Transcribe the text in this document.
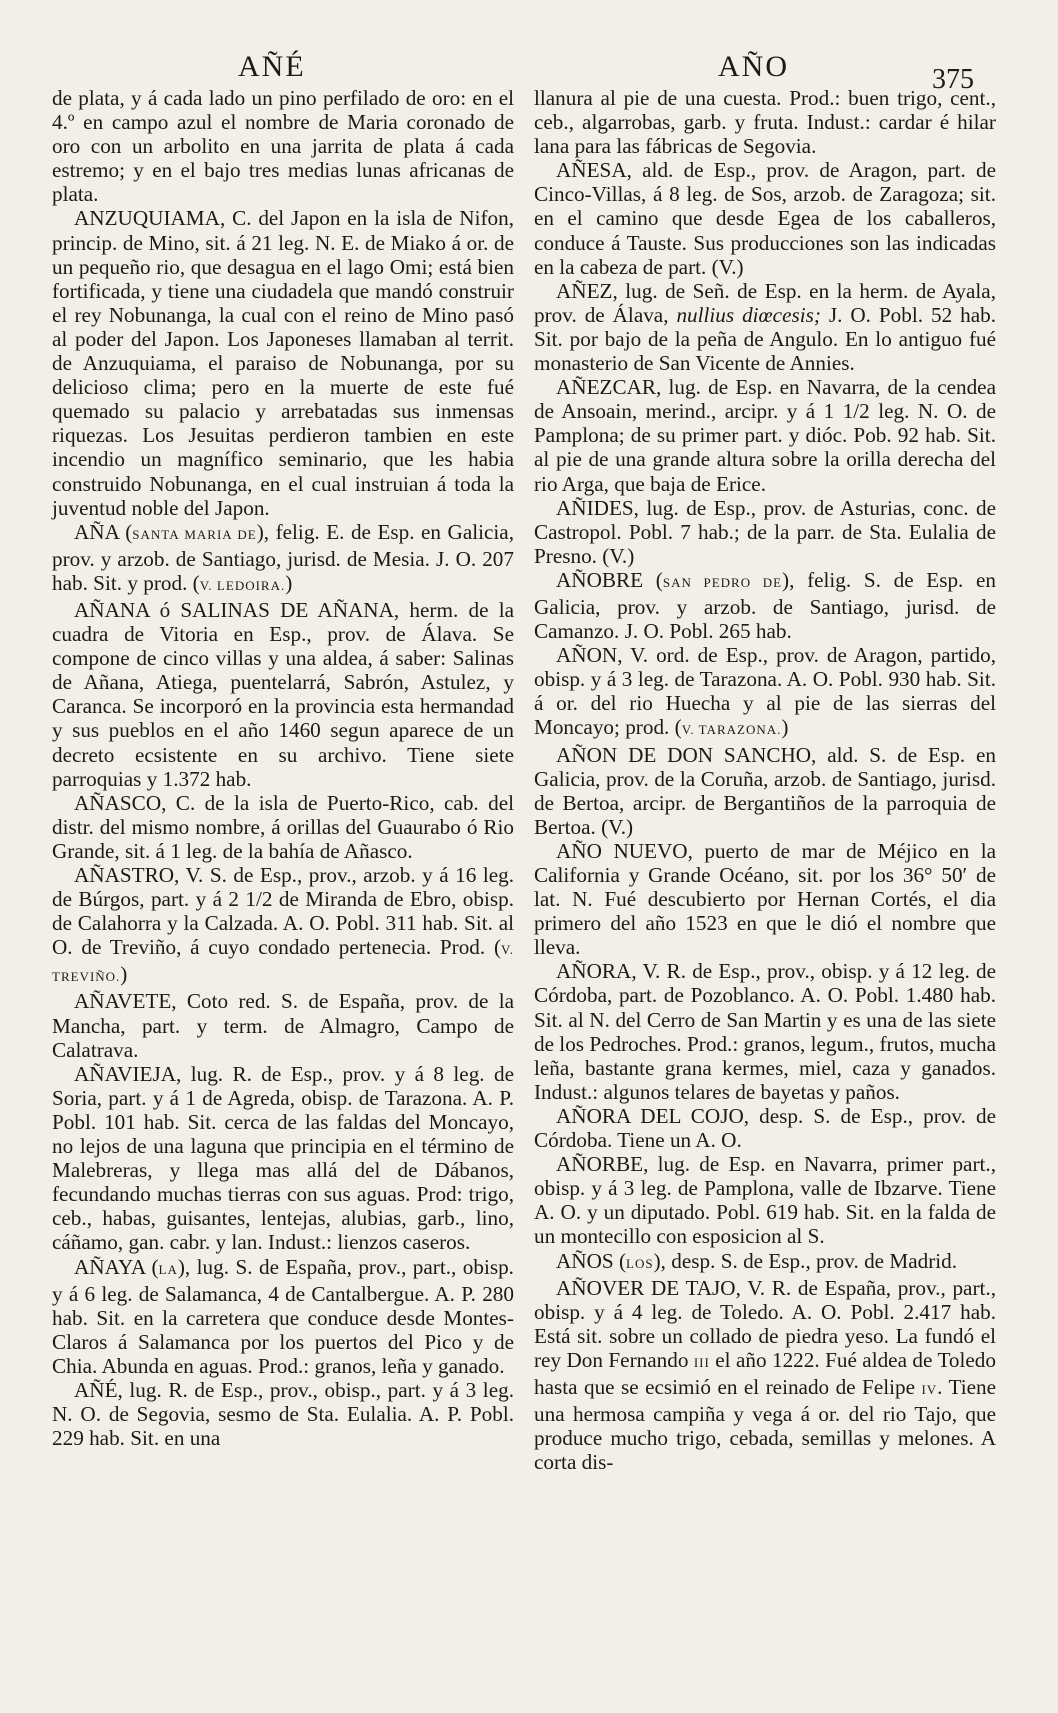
AÑÉ	AÑO	375

de plata, y á cada lado un pino perfilado de oro: en el 4.º en campo azul el nombre de Maria coronado de oro con un arbolito en una jarrita de plata á cada estremo; y en el bajo tres medias lunas africanas de plata.

ANZUQUIAMA, C. del Japon en la isla de Nifon, princip. de Mino, sit. á 21 leg. N. E. de Miako á or. de un pequeño rio, que desagua en el lago Omi; está bien fortificada, y tiene una ciudadela que mandó construir el rey Nobunanga, la cual con el reino de Mino pasó al poder del Japon. Los Japoneses llamaban al territ. de Anzuquiama, el paraiso de Nobunanga, por su delicioso clima; pero en la muerte de este fué quemado su palacio y arrebatadas sus inmensas riquezas. Los Jesuitas perdieron tambien en este incendio un magnífico seminario, que les habia construido Nobunanga, en el cual instruian á toda la juventud noble del Japon.

AÑA (SANTA MARIA DE), felig. E. de Esp. en Galicia, prov. y arzob. de Santiago, jurisd. de Mesia. J. O. 207 hab. Sit. y prod. (V. LEDOIRA.)

AÑANA ó SALINAS DE AÑANA, herm. de la cuadra de Vitoria en Esp., prov. de Álava. Se compone de cinco villas y una aldea, á saber: Salinas de Añana, Atiega, puentelarrá, Sabrón, Astulez, y Caranca. Se incorporó en la provincia esta hermandad y sus pueblos en el año 1460 segun aparece de un decreto ecsistente en su archivo. Tiene siete parroquias y 1.372 hab.

AÑASCO, C. de la isla de Puerto-Rico, cab. del distr. del mismo nombre, á orillas del Guaurabo ó Rio Grande, sit. á 1 leg. de la bahía de Añasco.

AÑASTRO, V. S. de Esp., prov., arzob. y á 16 leg. de Búrgos, part. y á 2 1/2 de Miranda de Ebro, obisp. de Calahorra y la Calzada. A. O. Pobl. 311 hab. Sit. al O. de Treviño, á cuyo condado pertenecia. Prod. (V. TREVIÑO.)

AÑAVETE, Coto red. S. de España, prov. de la Mancha, part. y term. de Almagro, Campo de Calatrava.

AÑAVIEJA, lug. R. de Esp., prov. y á 8 leg. de Soria, part. y á 1 de Agreda, obisp. de Tarazona. A. P. Pobl. 101 hab. Sit. cerca de las faldas del Moncayo, no lejos de una laguna que principia en el término de Malebreras, y llega mas allá del de Dábanos, fecundando muchas tierras con sus aguas. Prod: trigo, ceb., habas, guisantes, lentejas, alubias, garb., lino, cáñamo, gan. cabr. y lan. Indust.: lienzos caseros.

AÑAYA (LA), lug. S. de España, prov., part., obisp. y á 6 leg. de Salamanca, 4 de Cantalbergue. A. P. 280 hab. Sit. en la carretera que conduce desde Montes-Claros á Salamanca por los puertos del Pico y de Chia. Abunda en aguas. Prod.: granos, leña y ganado.

AÑÉ, lug. R. de Esp., prov., obisp., part. y á 3 leg. N. O. de Segovia, sesmo de Sta. Eulalia. A. P. Pobl. 229 hab. Sit. en una

llanura al pie de una cuesta. Prod.: buen trigo, cent., ceb., algarrobas, garb. y fruta. Indust.: cardar é hilar lana para las fábricas de Segovia.

AÑESA, ald. de Esp., prov. de Aragon, part. de Cinco-Villas, á 8 leg. de Sos, arzob. de Zaragoza; sit. en el camino que desde Egea de los caballeros, conduce á Tauste. Sus producciones son las indicadas en la cabeza de part. (V.)

AÑEZ, lug. de Señ. de Esp. en la herm. de Ayala, prov. de Álava, nullius diœcesis; J. O. Pobl. 52 hab. Sit. por bajo de la peña de Angulo. En lo antiguo fué monasterio de San Vicente de Annies.

AÑEZCAR, lug. de Esp. en Navarra, de la cendea de Ansoain, merind., arcipr. y á 1 1/2 leg. N. O. de Pamplona; de su primer part. y dióc. Pob. 92 hab. Sit. al pie de una grande altura sobre la orilla derecha del rio Arga, que baja de Erice.

AÑIDES, lug. de Esp., prov. de Asturias, conc. de Castropol. Pobl. 7 hab.; de la parr. de Sta. Eulalia de Presno. (V.)

AÑOBRE (SAN PEDRO DE), felig. S. de Esp. en Galicia, prov. y arzob. de Santiago, jurisd. de Camanzo. J. O. Pobl. 265 hab.

AÑON, V. ord. de Esp., prov. de Aragon, partido, obisp. y á 3 leg. de Tarazona. A. O. Pobl. 930 hab. Sit. á or. del rio Huecha y al pie de las sierras del Moncayo; prod. (V. TARAZONA.)

AÑON DE DON SANCHO, ald. S. de Esp. en Galicia, prov. de la Coruña, arzob. de Santiago, jurisd. de Bertoa, arcipr. de Bergantiños de la parroquia de Bertoa. (V.)

AÑO NUEVO, puerto de mar de Méjico en la California y Grande Océano, sit. por los 36° 50′ de lat. N. Fué descubierto por Hernan Cortés, el dia primero del año 1523 en que le dió el nombre que lleva.

AÑORA, V. R. de Esp., prov., obisp. y á 12 leg. de Córdoba, part. de Pozoblanco. A. O. Pobl. 1.480 hab. Sit. al N. del Cerro de San Martin y es una de las siete de los Pedroches. Prod.: granos, legum., frutos, mucha leña, bastante grana kermes, miel, caza y ganados. Indust.: algunos telares de bayetas y paños.

AÑORA DEL COJO, desp. S. de Esp., prov. de Córdoba. Tiene un A. O.

AÑORBE, lug. de Esp. en Navarra, primer part., obisp. y á 3 leg. de Pamplona, valle de Ibzarve. Tiene A. O. y un diputado. Pobl. 619 hab. Sit. en la falda de un montecillo con esposicion al S.

AÑOS (LOS), desp. S. de Esp., prov. de Madrid.

AÑOVER DE TAJO, V. R. de España, prov., part., obisp. y á 4 leg. de Toledo. A. O. Pobl. 2.417 hab. Está sit. sobre un collado de piedra yeso. La fundó el rey Don Fernando III el año 1222. Fué aldea de Toledo hasta que se ecsimió en el reinado de Felipe IV. Tiene una hermosa campiña y vega á or. del rio Tajo, que produce mucho trigo, cebada, semillas y melones. A corta dis-
